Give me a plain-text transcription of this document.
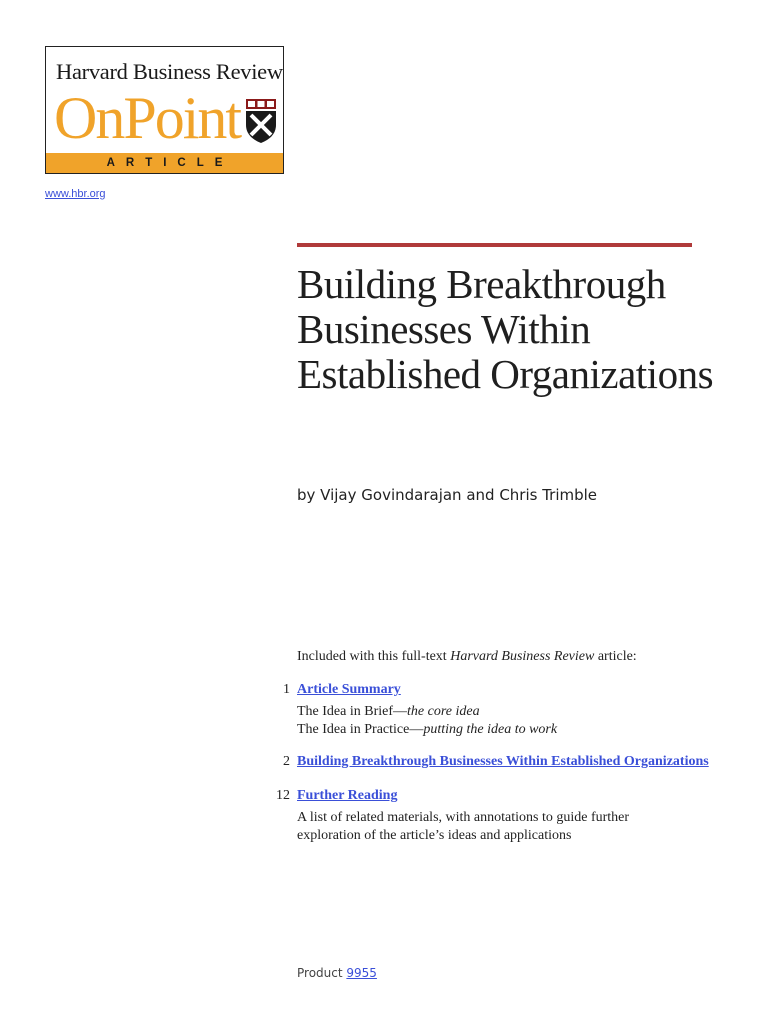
Harvard Business Review
OnPoint
ARTICLE
www.hbr.org
Building Breakthrough Businesses Within Established Organizations
by Vijay Govindarajan and Chris Trimble
Included with this full-text Harvard Business Review article:
1 Article Summary
The Idea in Brief—the core idea
The Idea in Practice—putting the idea to work
2 Building Breakthrough Businesses Within Established Organizations
12 Further Reading
A list of related materials, with annotations to guide further
exploration of the article’s ideas and applications
Product 9955
